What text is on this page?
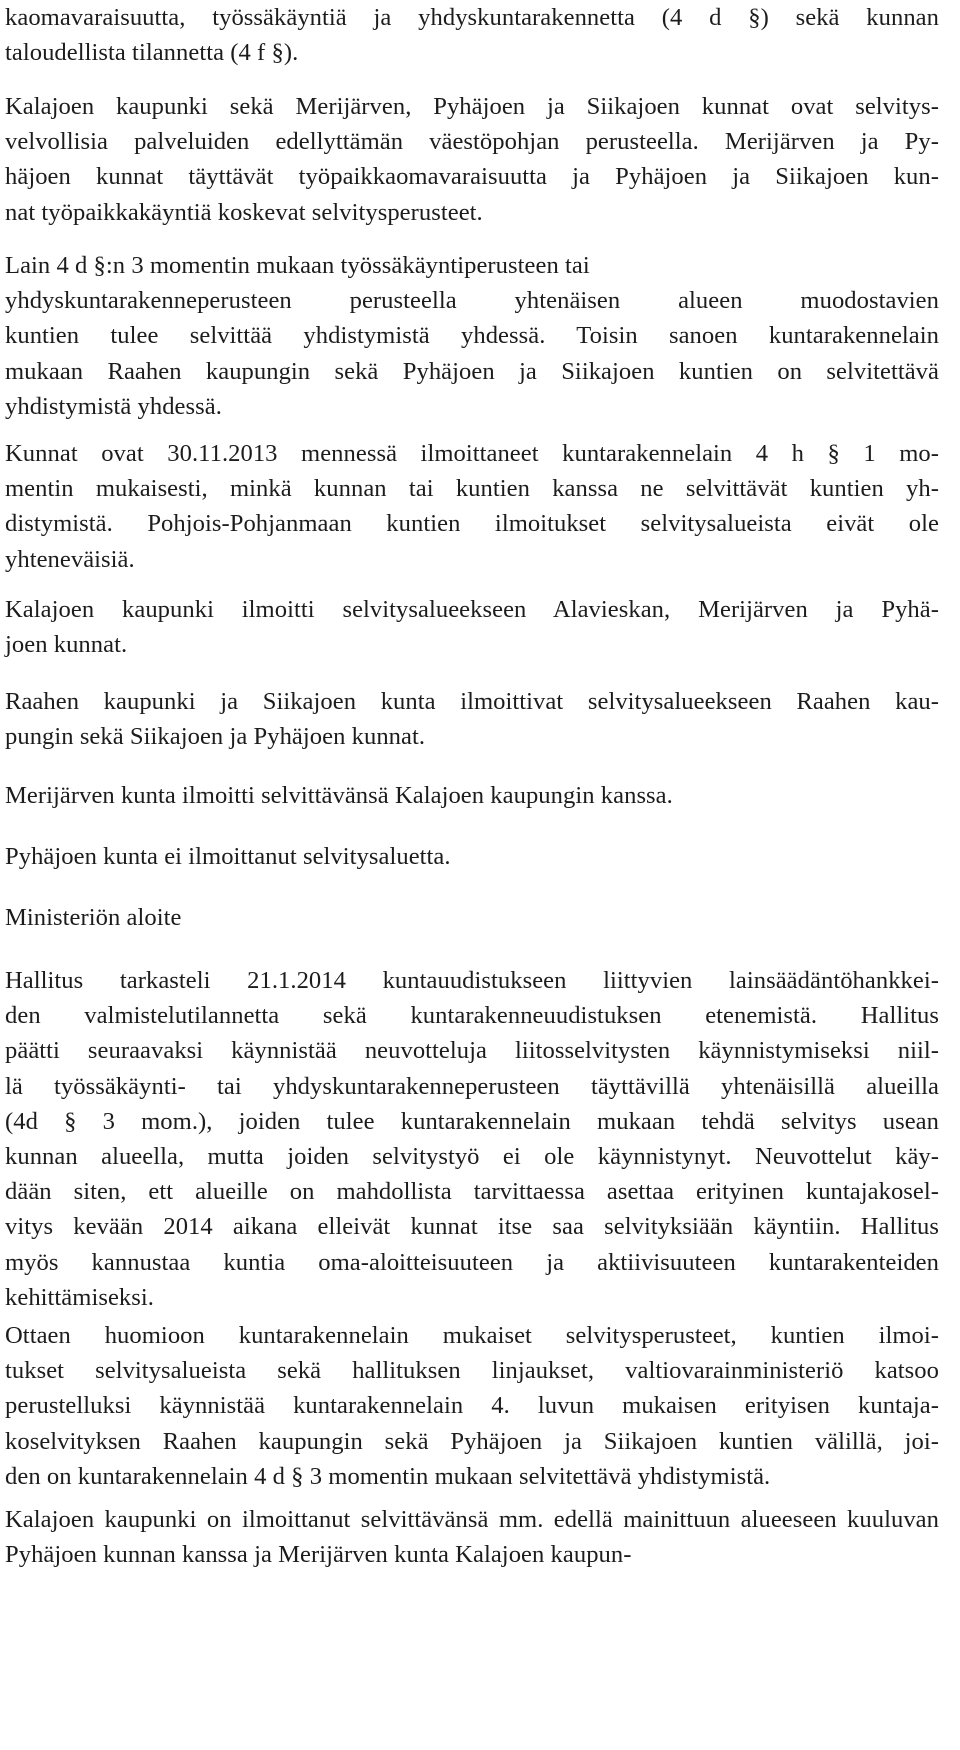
kaomavaraisuutta, työssäkäyntiä ja yhdyskuntarakennetta (4 d §) sekä kunnan
taloudellista tilannetta (4 f §).
Kalajoen kaupunki sekä Merijärven, Pyhäjoen ja Siikajoen kunnat ovat selvitys-
velvollisia palveluiden edellyttämän väestöpohjan perusteella. Merijärven ja Py-
häjoen kunnat täyttävät työpaikkaomavaraisuutta ja Pyhäjoen ja Siikajoen kun-
nat työpaikkakäyntiä koskevat selvitysperusteet.
Lain 4 d §:n 3 momentin mukaan työssäkäyntiperusteen tai
yhdyskuntarakenneperusteen perusteella yhtenäisen alueen muodostavien
kuntien tulee selvittää yhdistymistä yhdessä. Toisin sanoen kuntarakennelain
mukaan Raahen kaupungin sekä Pyhäjoen ja Siikajoen kuntien on selvitettävä
yhdistymistä yhdessä.
Kunnat ovat 30.11.2013 mennessä ilmoittaneet kuntarakennelain 4 h § 1 mo-
mentin mukaisesti, minkä kunnan tai kuntien kanssa ne selvittävät kuntien yh-
distymistä. Pohjois-Pohjanmaan kuntien ilmoitukset selvitysalueista eivät ole
yhteneväisiä.
Kalajoen kaupunki ilmoitti selvitysalueekseen Alavieskan, Merijärven ja Pyhä-
joen kunnat.
Raahen kaupunki ja Siikajoen kunta ilmoittivat selvitysalueekseen Raahen kau-
pungin sekä Siikajoen ja Pyhäjoen kunnat.
Merijärven kunta ilmoitti selvittävänsä Kalajoen kaupungin kanssa.
Pyhäjoen kunta ei ilmoittanut selvitysaluetta.
Ministeriön aloite
Hallitus tarkasteli 21.1.2014 kuntauudistukseen liittyvien lainsäädäntöhankkei-
den valmistelutilannetta sekä kuntarakenneuudistuksen etenemistä. Hallitus
päätti seuraavaksi käynnistää neuvotteluja liitosselvitysten käynnistymiseksi niil-
lä työssäkäynti- tai yhdyskuntarakenneperusteen täyttävillä yhtenäisillä alueilla
(4d § 3 mom.), joiden tulee kuntarakennelain mukaan tehdä selvitys usean
kunnan alueella, mutta joiden selvitystyö ei ole käynnistynyt. Neuvottelut käy-
dään siten, ett alueille on mahdollista tarvittaessa asettaa erityinen kuntajakosel-
vitys kevään 2014 aikana elleivät kunnat itse saa selvityksiään käyntiin. Hallitus
myös kannustaa kuntia oma-aloitteisuuteen ja aktiivisuuteen kuntarakenteiden
kehittämiseksi.
Ottaen huomioon kuntarakennelain mukaiset selvitysperusteet, kuntien ilmoi-
tukset selvitysalueista sekä hallituksen linjaukset, valtiovarainministeriö katsoo
perustelluksi käynnistää kuntarakennelain 4. luvun mukaisen erityisen kuntaja-
koselvityksen Raahen kaupungin sekä Pyhäjoen ja Siikajoen kuntien välillä, joi-
den on kuntarakennelain 4 d § 3 momentin mukaan selvitettävä yhdistymistä.
Kalajoen kaupunki on ilmoittanut selvittävänsä mm. edellä mainittuun alueeseen kuuluvan Pyhäjoen kunnan kanssa ja Merijärven kunta Kalajoen kaupun-
